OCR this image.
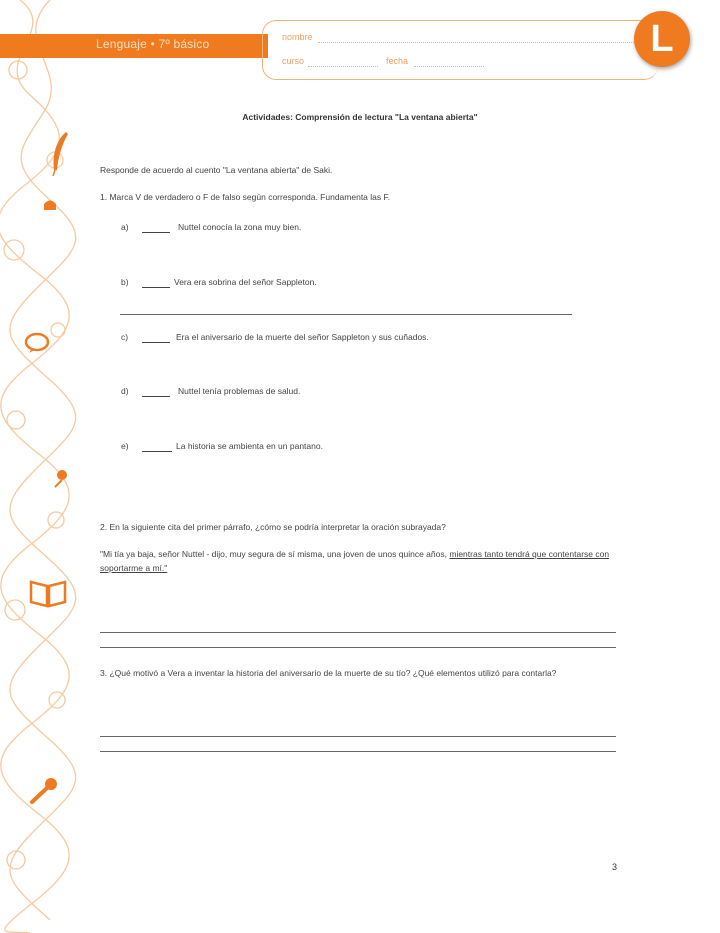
Lenguaje • 7º básico	nombre
curso	fecha
L
Actividades: Comprensión de lectura "La ventana abierta"
Responde de acuerdo al cuento "La ventana abierta" de Saki.
1. Marca V de verdadero o F de falso según corresponda. Fundamenta las F.
a)	Nuttel conocía la zona muy bien.
b)	Vera era sobrina del señor Sappleton.
c)	Era el aniversario de la muerte del señor Sappleton y sus cuñados.
d)	Nuttel tenía problemas de salud.
e)	La historia se ambienta en un pantano.
2. En la siguiente cita del primer párrafo, ¿cómo se podría interpretar la oración subrayada?
"Mi tía ya baja, señor Nuttel - dijo, muy segura de sí misma, una joven de unos quince años, mientras tanto tendrá que contentarse con soportarme a mí."
3. ¿Qué motivó a Vera a inventar la historia del aniversario de la muerte de su tío? ¿Qué elementos utilizó para contarla?
3
